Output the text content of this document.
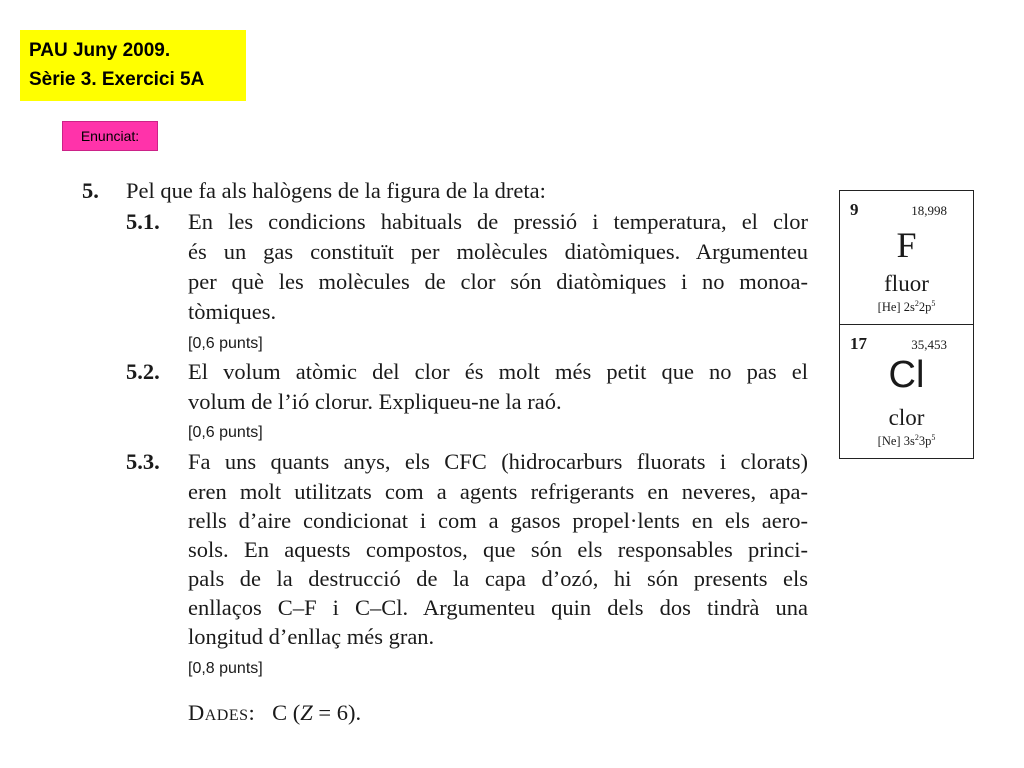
PAU Juny 2009.
Sèrie 3. Exercici 5A
Enunciat:
5. Pel que fa als halògens de la figura de la dreta:
5.1. En les condicions habituals de pressió i temperatura, el clor
és un gas constituït per molècules diatòmiques. Argumenteu
per què les molècules de clor són diatòmiques i no monoa-
tòmiques.
[0,6 punts]
5.2. El volum atòmic del clor és molt més petit que no pas el
volum de l’ió clorur. Expliqueu-ne la raó.
[0,6 punts]
5.3. Fa uns quants anys, els CFC (hidrocarburs fluorats i clorats)
eren molt utilitzats com a agents refrigerants en neveres, apa-
rells d’aire condicionat i com a gasos propel·lents en els aero-
sols. En aquests compostos, que són els responsables princi-
pals de la destrucció de la capa d’ozó, hi són presents els
enllaços C–F i C–Cl. Argumenteu quin dels dos tindrà una
longitud d’enllaç més gran.
[0,8 punts]
Dades: C (Z = 6).
9	18,998
F
fluor
[He] $2s^22p^5$
17	35,453
Cl
clor
[Ne] $3s^23p^5$
